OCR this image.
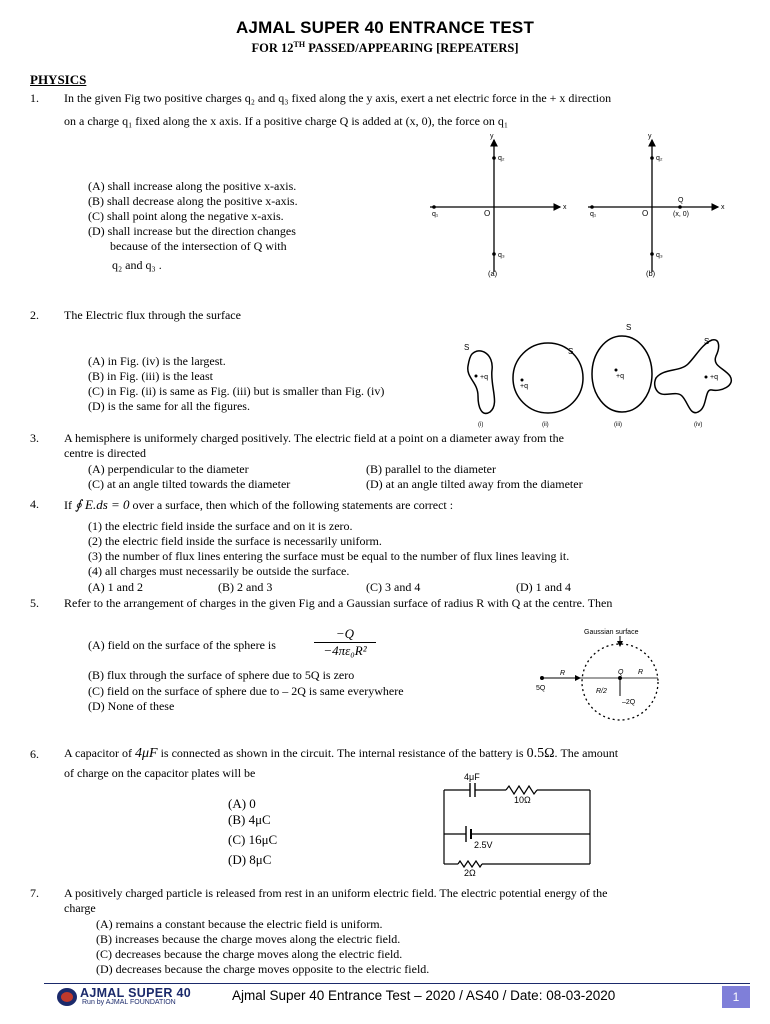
AJMAL SUPER 40 ENTRANCE TEST
FOR 12TH PASSED/APPEARING [REPEATERS]
PHYSICS
1. In the given Fig two positive charges q₂ and q₃ fixed along the y axis, exert a net electric force in the + x direction
on a charge q₁ fixed along the x axis. If a positive charge Q is added at (x, 0), the force on q₁
(A) shall increase along the positive x-axis.
(B) shall decrease along the positive x-axis.
(C) shall point along the negative x-axis.
(D) shall increase but the direction changes
because of the intersection of Q with
q₂ and q₃ .
y
x
q₂
q₃
q₁	O
(a)
y
x
q₂
q₃
q₁	O
Q
(x, 0)
(b)
2. The Electric flux through the surface
(A) in Fig. (iv) is the largest.
(B) in Fig. (iii) is the least
(C) in Fig. (ii) is same as Fig. (iii) but is smaller than Fig. (iv)
(D) is the same for all the figures.
S
+q
(i)
S
+q
(ii)
S
+q
(iii)
S
+q
(iv)
3. A hemisphere is uniformely charged positively. The electric field at a point on a diameter away from the
centre is directed
(A) perpendicular to the diameter	(B) parallel to the diameter
(C) at an angle tilted towards the diameter	(D) at an angle tilted away from the diameter
4. If ∮ E.ds = 0 over a surface, then which of the following statements are correct :
(1) the electric field inside the surface and on it is zero.
(2) the electric field inside the surface is necessarily uniform.
(3) the number of flux lines entering the surface must be equal to the number of flux lines leaving it.
(4) all charges must necessarily be outside the surface.
(A) 1 and 2	(B) 2 and 3	(C) 3 and 4	(D) 1 and 4
5. Refer to the arrangement of charges in the given Fig and a Gaussian surface of radius R with Q at the centre. Then
(A) field on the surface of the sphere is	$\frac{-Q}{\text{−4πε₀R²}}$
(B) flux through the surface of sphere due to 5Q is zero
(C) field on the surface of sphere due to – 2Q is same everywhere
(D) None of these
Gaussian surface
R	Q R
5Q	R/2
–2Q
6. A capacitor of 4μF is connected as shown in the circuit. The internal resistance of the battery is 0.5Ω. The amount
of charge on the capacitor plates will be
(A) 0
(B) 4μC
(C) 16μC
(D) 8μC
4μF
10Ω
2.5V
2Ω
7. A positively charged particle is released from rest in an uniform electric field. The electric potential energy of the
charge
(A) remains a constant because the electric field is uniform.
(B) increases because the charge moves along the electric field.
(C) decreases because the charge moves along the electric field.
(D) decreases because the charge moves opposite to the electric field.
AJMAL SUPER 40
Run by AJMAL FOUNDATION	Ajmal Super 40 Entrance Test – 2020 / AS40 / Date: 08-03-2020	1
